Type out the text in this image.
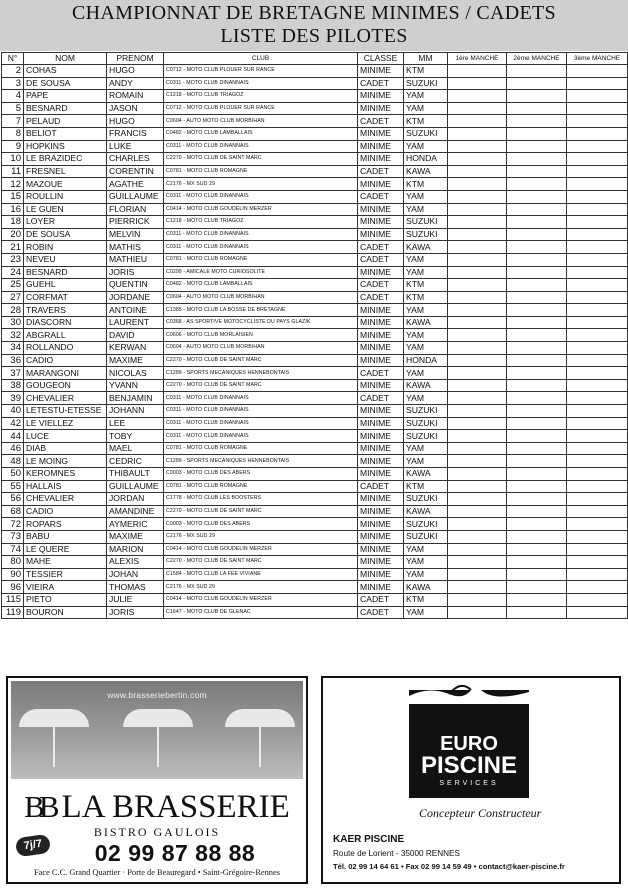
CHAMPIONNAT DE BRETAGNE MINIMES / CADETS
LISTE DES PILOTES
N°	NOM	PRENOM	CLUB	CLASSE	MM	1ère MANCHE	2ème MANCHE	3ème MANCHE
2	COHAS	HUGO	C0712 - MOTO CLUB PLOUER SUR RANCE	MINIME	KTM			
3	DE SOUSA	ANDY	C0311 - MOTO CLUB DINANNAIS	CADET	SUZUKI			
4	PAPE	ROMAIN	C1218 - MOTO CLUB TRIAGOZ	MINIME	YAM			
5	BESNARD	JASON	C0712 - MOTO CLUB PLOUER SUR RANCE	MINIME	YAM			
7	PELAUD	HUGO	C0604 - AUTO MOTO CLUB MORBIHAN	CADET	KTM			
8	BELIOT	FRANCIS	C0482 - MOTO CLUB LAMBALLAIS	MINIME	SUZUKI			
9	HOPKINS	LUKE	C0311 - MOTO CLUB DINANNAIS	MINIME	YAM			
10	LE BRAZIDEC	CHARLES	C2270 - MOTO CLUB DE SAINT MARC	MINIME	HONDA			
11	FRESNEL	CORENTIN	C0781 - MOTO CLUB ROMAGNE	CADET	KAWA			
12	MAZOUE	AGATHE	C2176 - MX SUD 29	MINIME	KTM			
15	ROULLIN	GUILLAUME	C0311 - MOTO CLUB DINANNAIS	CADET	YAM			
16	LE GUEN	FLORIAN	C0414 - MOTO CLUB GOUDELIN MERZER	MINIME	YAM			
18	LOYER	PIERRICK	C1218 - MOTO CLUB TRIAGOZ	MINIME	SUZUKI			
20	DE SOUSA	MELVIN	C0311 - MOTO CLUB DINANNAIS	MINIME	SUZUKI			
21	ROBIN	MATHIS	C0311 - MOTO CLUB DINANNAIS	CADET	KAWA			
23	NEVEU	MATHIEU	C0781 - MOTO CLUB ROMAGNE	CADET	YAM			
24	BESNARD	JORIS	C0299 - AMICALE MOTO CURIOSOLITE	MINIME	YAM			
25	GUEHL	QUENTIN	C0482 - MOTO CLUB LAMBALLAIS	CADET	KTM			
27	CORFMAT	JORDANE	C0604 - AUTO MOTO CLUB MORBIHAN	CADET	KTM			
28	TRAVERS	ANTOINE	C1385 - MOTO CLUB LA BOSSE DE BRETAGNE	MINIME	YAM			
30	DIASCORN	LAURENT	C0368 - AS SPORTIVE MOTOCYCLISTE DU PAYS GLAZIK	MINIME	KAWA			
32	ABGRALL	DAVID	C0606 - MOTO CLUB MORLAISIEN	MINIME	YAM			
34	ROLLANDO	KERWAN	C0604 - AUTO MOTO CLUB MORBIHAN	MINIME	YAM			
36	CADIO	MAXIME	C2270 - MOTO CLUB DE SAINT MARC	MINIME	HONDA			
37	MARANGONI	NICOLAS	C1289 - SPORTS MECANIQUES HENNEBONTAIS	CADET	YAM			
38	GOUGEON	YVANN	C2270 - MOTO CLUB DE SAINT MARC	MINIME	KAWA			
39	CHEVALIER	BENJAMIN	C0311 - MOTO CLUB DINANNAIS	CADET	YAM			
40	LETESTU-ETESSE	JOHANN	C0311 - MOTO CLUB DINANNAIS	MINIME	SUZUKI			
42	LE VIELLEZ	LEE	C0311 - MOTO CLUB DINANNAIS	MINIME	SUZUKI			
44	LUCE	TOBY	C0311 - MOTO CLUB DINANNAIS	MINIME	SUZUKI			
46	DIAB	MAEL	C0781 - MOTO CLUB ROMAGNE	MINIME	YAM			
48	LE MOING	CEDRIC	C1289 - SPORTS MECANIQUES HENNEBONTAIS	MINIME	YAM			
50	KEROMNES	THIBAULT	C0003 - MOTO CLUB DES ABERS	MINIME	KAWA			
55	HALLAIS	GUILLAUME	C0781 - MOTO CLUB ROMAGNE	CADET	KTM			
56	CHEVALIER	JORDAN	C1778 - MOTO CLUB LES BOOSTERS	MINIME	SUZUKI			
68	CADIO	AMANDINE	C2270 - MOTO CLUB DE SAINT MARC	MINIME	KAWA			
72	ROPARS	AYMERIC	C0003 - MOTO CLUB DES ABERS	MINIME	SUZUKI			
73	BABU	MAXIME	C2176 - MX SUD 29	MINIME	SUZUKI			
74	LE QUERE	MARION	C0414 - MOTO CLUB GOUDELIN MERZER	MINIME	YAM			
80	MAHE	ALEXIS	C2270 - MOTO CLUB DE SAINT MARC	MINIME	YAM			
90	TESSIER	JOHAN	C1584 - MOTO CLUB LA FEE VIVIANE	MINIME	YAM			
96	VIEIRA	THOMAS	C2176 - MX SUD 29	MINIME	KAWA			
115	PIETO	JULIE	C0414 - MOTO CLUB GOUDELIN MERZER	CADET	KTM			
119	BOURON	JORIS	C1647 - MOTO CLUB DE GLENAC	CADET	YAM			
www.brasseriebertin.com
BB LA BRASSERIE
BISTRO GAULOIS
7j/7	02 99 87 88 88
Face C.C. Grand Quartier · Porte de Beauregard • Saint-Grégoire-Rennes
EURO
PISCINE
SERVICES
Concepteur Constructeur
KAER PISCINE
Route de Lorient - 35000 RENNES
Tél. 02 99 14 64 61 • Fax 02 99 14 59 49 • contact@kaer-piscine.fr
